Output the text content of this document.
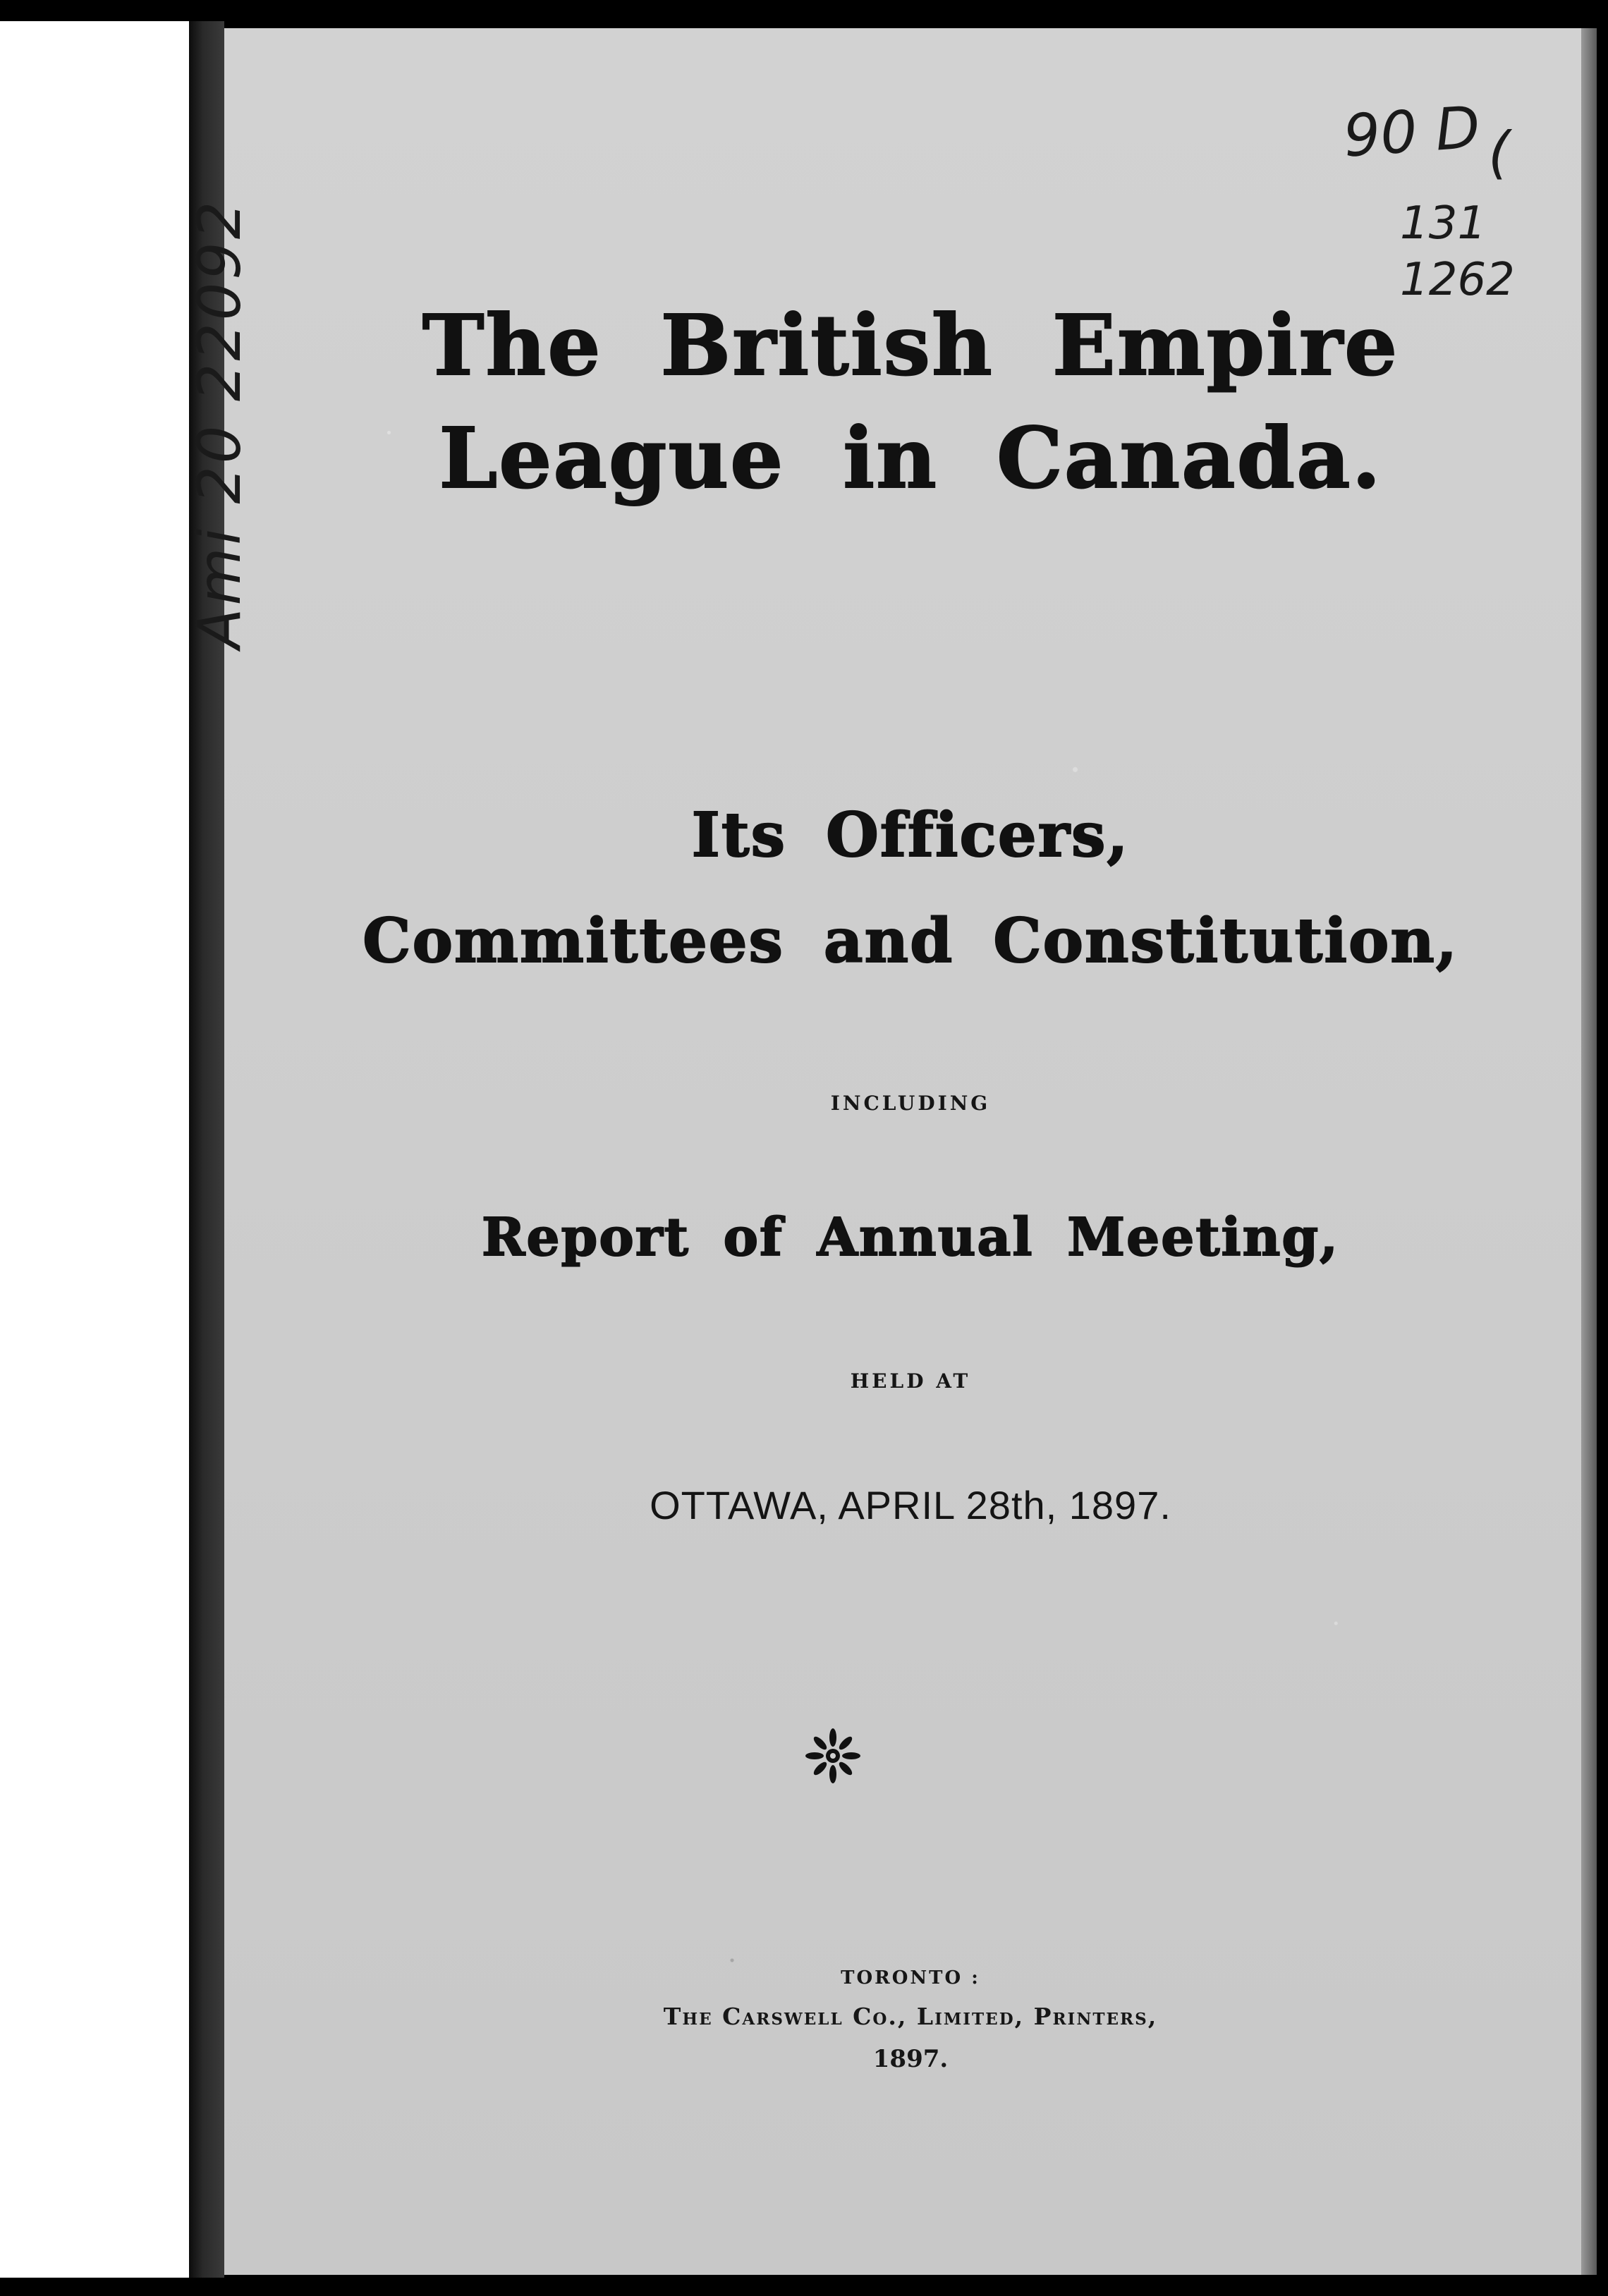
The British Empire
League in Canada.
Its Officers,
Committees and Constitution,
INCLUDING
Report of Annual Meeting,
HELD AT
OTTAWA, APRIL 28th, 1897.
TORONTO :
The Carswell Co., Limited, Printers,
1897.
Ami 20 22092
90 D
131
1262
(
